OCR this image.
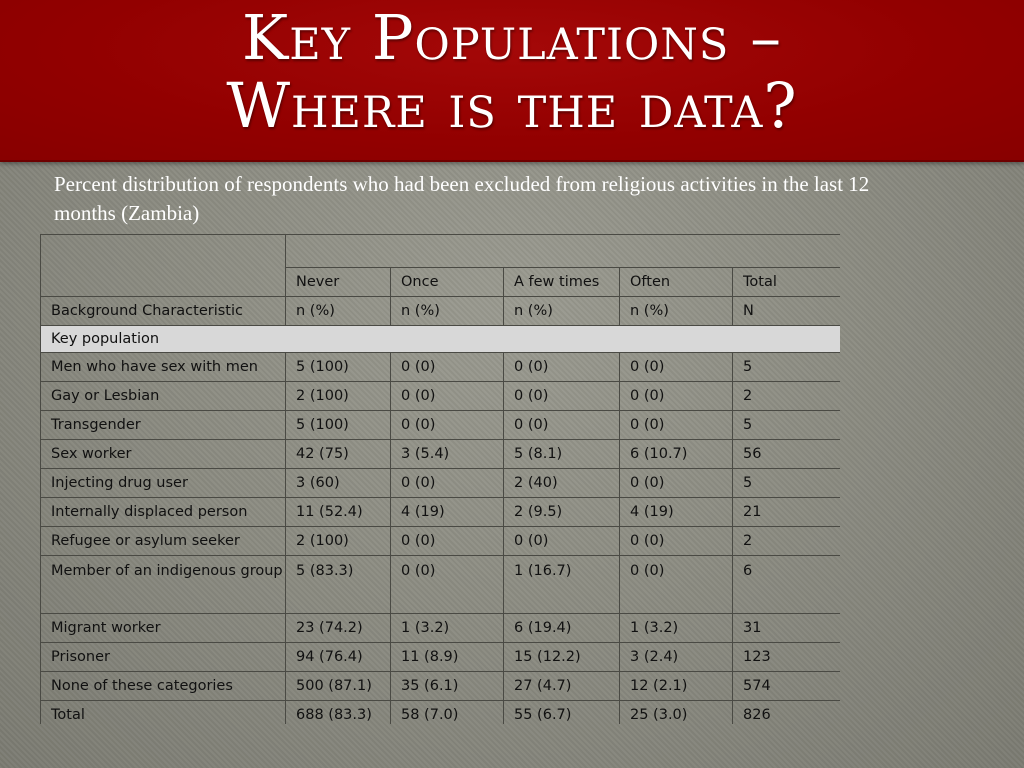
Key Populations –
Where is the data?
Percent distribution of respondents who had been excluded from religious activities in the last 12 months (Zambia)

	Never	Once	A few times	Often	Total
Background Characteristic	n (%)	n (%)	n (%)	n (%)	N
Key population					
Men who have sex with men	5 (100)	0 (0)	0 (0)	0 (0)	5
Gay or Lesbian	2 (100)	0 (0)	0 (0)	0 (0)	2
Transgender	5 (100)	0 (0)	0 (0)	0 (0)	5
Sex worker	42 (75)	3 (5.4)	5 (8.1)	6 (10.7)	56
Injecting drug user	3 (60)	0 (0)	2 (40)	0 (0)	5
Internally displaced person	11 (52.4)	4 (19)	2 (9.5)	4 (19)	21
Refugee or asylum seeker	2 (100)	0 (0)	0 (0)	0 (0)	2
Member of an indigenous group	5 (83.3)	0 (0)	1 (16.7)	0 (0)	6
Migrant worker	23 (74.2)	1 (3.2)	6 (19.4)	1 (3.2)	31
Prisoner	94 (76.4)	11 (8.9)	15 (12.2)	3 (2.4)	123
None of these categories	500 (87.1)	35 (6.1)	27 (4.7)	12 (2.1)	574
Total	688 (83.3)	58 (7.0)	55 (6.7)	25 (3.0)	826
